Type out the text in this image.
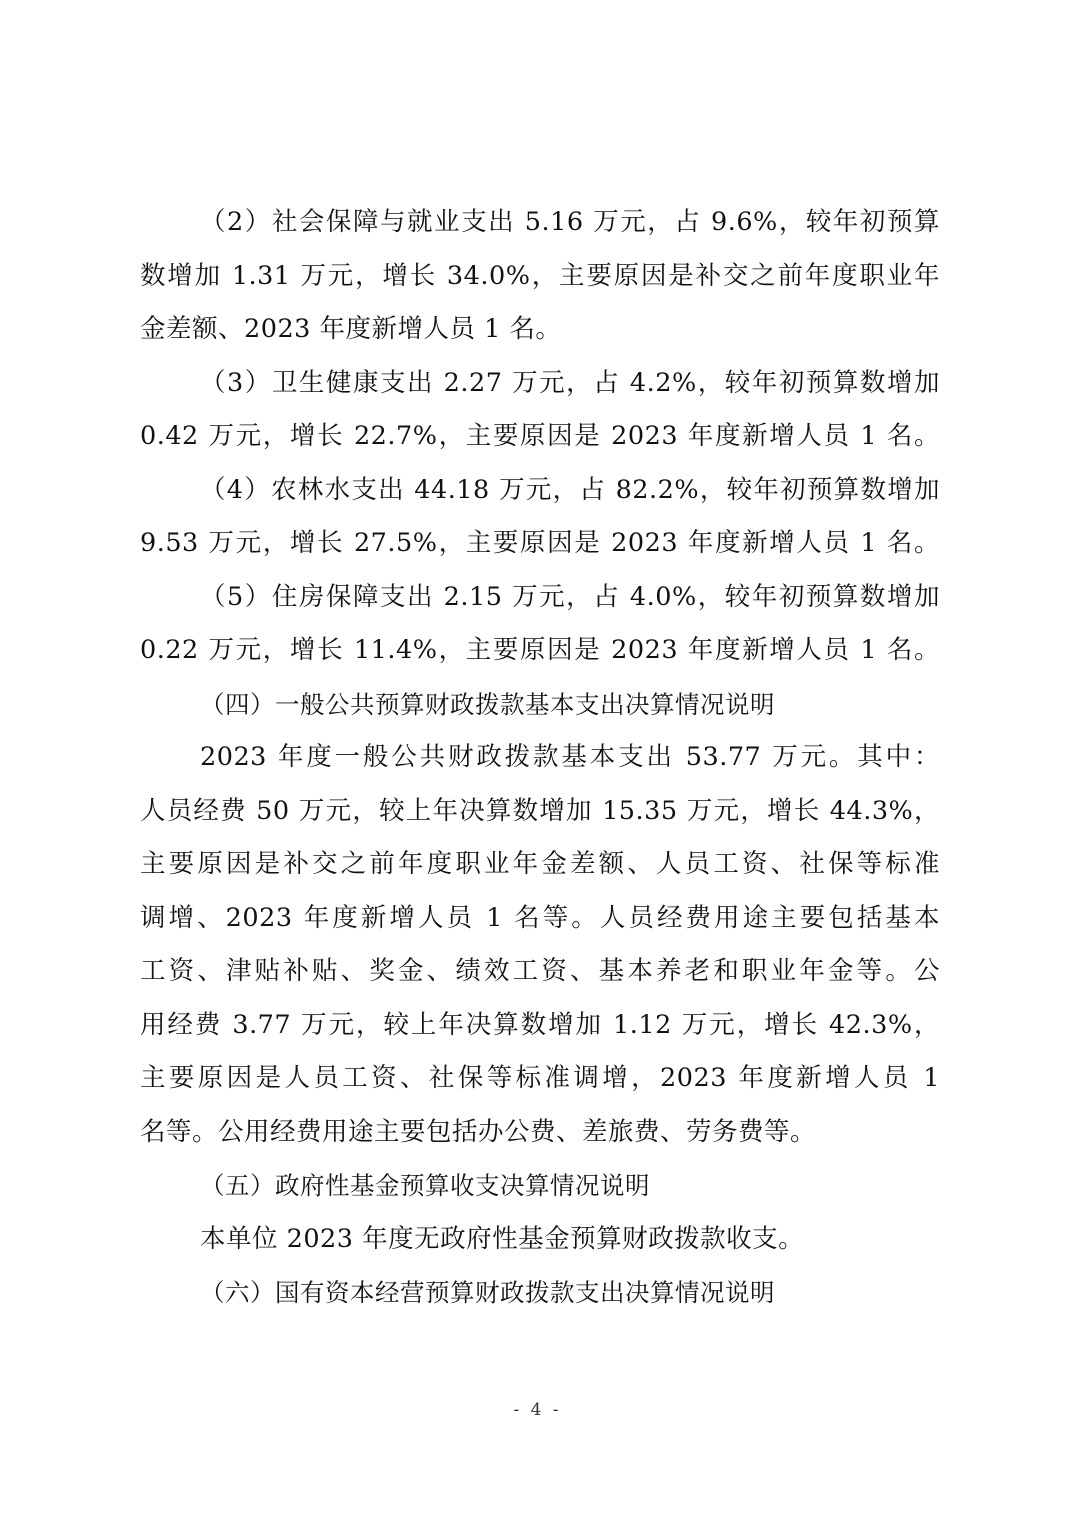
（2）社会保障与就业支出 5.16 万元，占 9.6%，较年初预算
数增加 1.31 万元，增长 34.0%，主要原因是补交之前年度职业年
金差额、2023 年度新增人员 1 名。
（3）卫生健康支出 2.27 万元，占 4.2%，较年初预算数增加
0.42 万元，增长 22.7%，主要原因是 2023 年度新增人员 1 名。
（4）农林水支出 44.18 万元，占 82.2%，较年初预算数增加
9.53 万元，增长 27.5%，主要原因是 2023 年度新增人员 1 名。
（5）住房保障支出 2.15 万元，占 4.0%，较年初预算数增加
0.22 万元，增长 11.4%，主要原因是 2023 年度新增人员 1 名。
（四）一般公共预算财政拨款基本支出决算情况说明
2023 年度一般公共财政拨款基本支出 53.77 万元。其中：
人员经费 50 万元，较上年决算数增加 15.35 万元，增长 44.3%，
主要原因是补交之前年度职业年金差额、人员工资、社保等标准
调增、2023 年度新增人员 1 名等。人员经费用途主要包括基本
工资、津贴补贴、奖金、绩效工资、基本养老和职业年金等。公
用经费 3.77 万元，较上年决算数增加 1.12 万元，增长 42.3%，
主要原因是人员工资、社保等标准调增，2023 年度新增人员 1
名等。公用经费用途主要包括办公费、差旅费、劳务费等。
（五）政府性基金预算收支决算情况说明
本单位 2023 年度无政府性基金预算财政拨款收支。
（六）国有资本经营预算财政拨款支出决算情况说明
- 4 -
